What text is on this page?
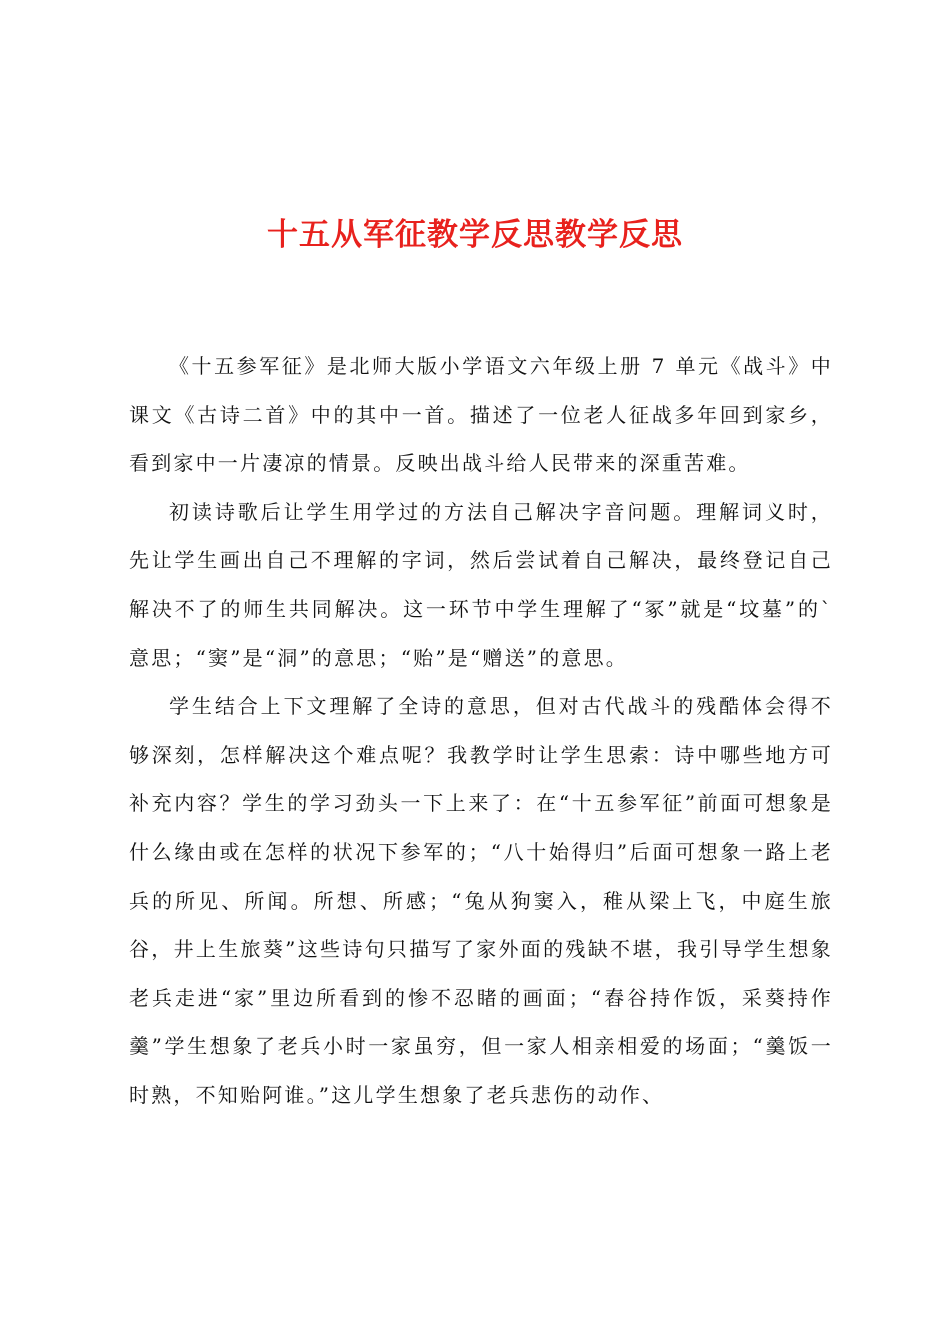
十五从军征教学反思教学反思

《十五参军征》是北师大版小学语文六年级上册 7 单元《战斗》中课文《古诗二首》中的其中一首。描述了一位老人征战多年回到家乡，看到家中一片凄凉的情景。反映出战斗给人民带来的深重苦难。

初读诗歌后让学生用学过的方法自己解决字音问题。理解词义时，先让学生画出自己不理解的字词，然后尝试着自己解决，最终登记自己解决不了的师生共同解决。这一环节中学生理解了“冢”就是“坟墓”的`意思；“窦”是“洞”的意思；“贻”是“赠送”的意思。

学生结合上下文理解了全诗的意思，但对古代战斗的残酷体会得不够深刻，怎样解决这个难点呢？我教学时让学生思索：诗中哪些地方可补充内容？学生的学习劲头一下上来了：在“十五参军征”前面可想象是什么缘由或在怎样的状况下参军的；“八十始得归”后面可想象一路上老兵的所见、所闻。所想、所感；“兔从狗窦入，稚从梁上飞，中庭生旅谷，井上生旅葵”这些诗句只描写了家外面的残缺不堪，我引导学生想象老兵走进“家”里边所看到的惨不忍睹的画面；“舂谷持作饭，采葵持作羹”学生想象了老兵小时一家虽穷，但一家人相亲相爱的场面；“羹饭一时熟，不知贻阿谁。”这儿学生想象了老兵悲伤的动作、
